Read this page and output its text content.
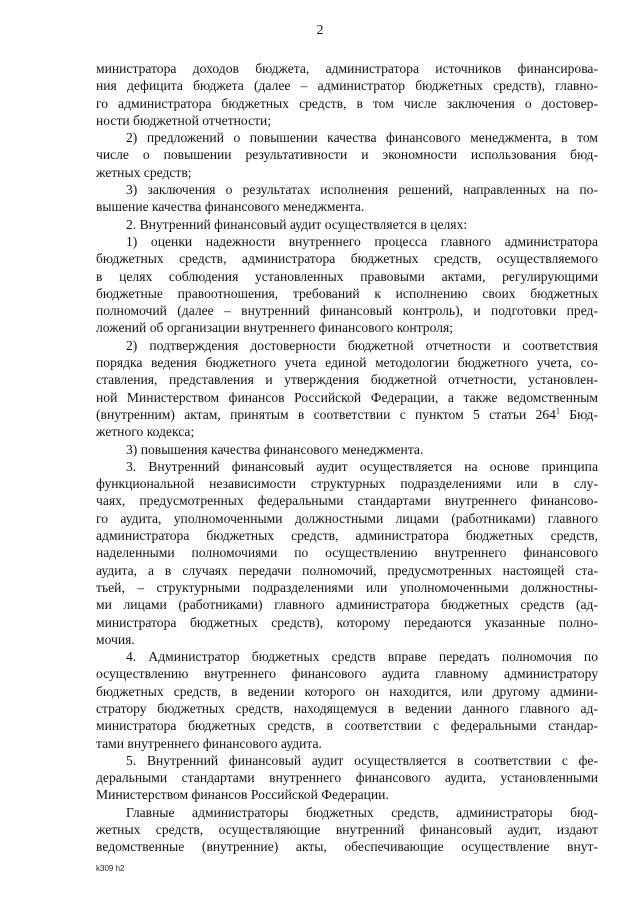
2
министратора доходов бюджета, администратора источников финансирова-
ния дефицита бюджета (далее – администратор бюджетных средств), главно-
го администратора бюджетных средств, в том числе заключения о достовер-
ности бюджетной отчетности;
2) предложений о повышении качества финансового менеджмента, в том
числе о повышении результативности и экономности использования бюд-
жетных средств;
3) заключения о результатах исполнения решений, направленных на по-
вышение качества финансового менеджмента.
2. Внутренний финансовый аудит осуществляется в целях:
1) оценки надежности внутреннего процесса главного администратора
бюджетных средств, администратора бюджетных средств, осуществляемого
в целях соблюдения установленных правовыми актами, регулирующими
бюджетные правоотношения, требований к исполнению своих бюджетных
полномочий (далее – внутренний финансовый контроль), и подготовки пред-
ложений об организации внутреннего финансового контроля;
2) подтверждения достоверности бюджетной отчетности и соответствия
порядка ведения бюджетного учета единой методологии бюджетного учета, со-
ставления, представления и утверждения бюджетной отчетности, установлен-
ной Министерством финансов Российской Федерации, а также ведомственным
(внутренним) актам, принятым в соответствии с пунктом 5 статьи 264$^1$ Бюд-
жетного кодекса;
3) повышения качества финансового менеджмента.
3. Внутренний финансовый аудит осуществляется на основе принципа
функциональной независимости структурных подразделениями или в слу-
чаях, предусмотренных федеральными стандартами внутреннего финансово-
го аудита, уполномоченными должностными лицами (работниками) главного
администратора бюджетных средств, администратора бюджетных средств,
наделенными полномочиями по осуществлению внутреннего финансового
аудита, а в случаях передачи полномочий, предусмотренных настоящей ста-
тьей, – структурными подразделениями или уполномоченными должностны-
ми лицами (работниками) главного администратора бюджетных средств (ад-
министратора бюджетных средств), которому передаются указанные полно-
мочия.
4. Администратор бюджетных средств вправе передать полномочия по
осуществлению внутреннего финансового аудита главному администратору
бюджетных средств, в ведении которого он находится, или другому админи-
стратору бюджетных средств, находящемуся в ведении данного главного ад-
министратора бюджетных средств, в соответствии с федеральными стандар-
тами внутреннего финансового аудита.
5. Внутренний финансовый аудит осуществляется в соответствии с фе-
деральными стандартами внутреннего финансового аудита, установленными
Министерством финансов Российской Федерации.
Главные администраторы бюджетных средств, администраторы бюд-
жетных средств, осуществляющие внутренний финансовый аудит, издают
ведомственные (внутренние) акты, обеспечивающие осуществление внут-
k309 h2
